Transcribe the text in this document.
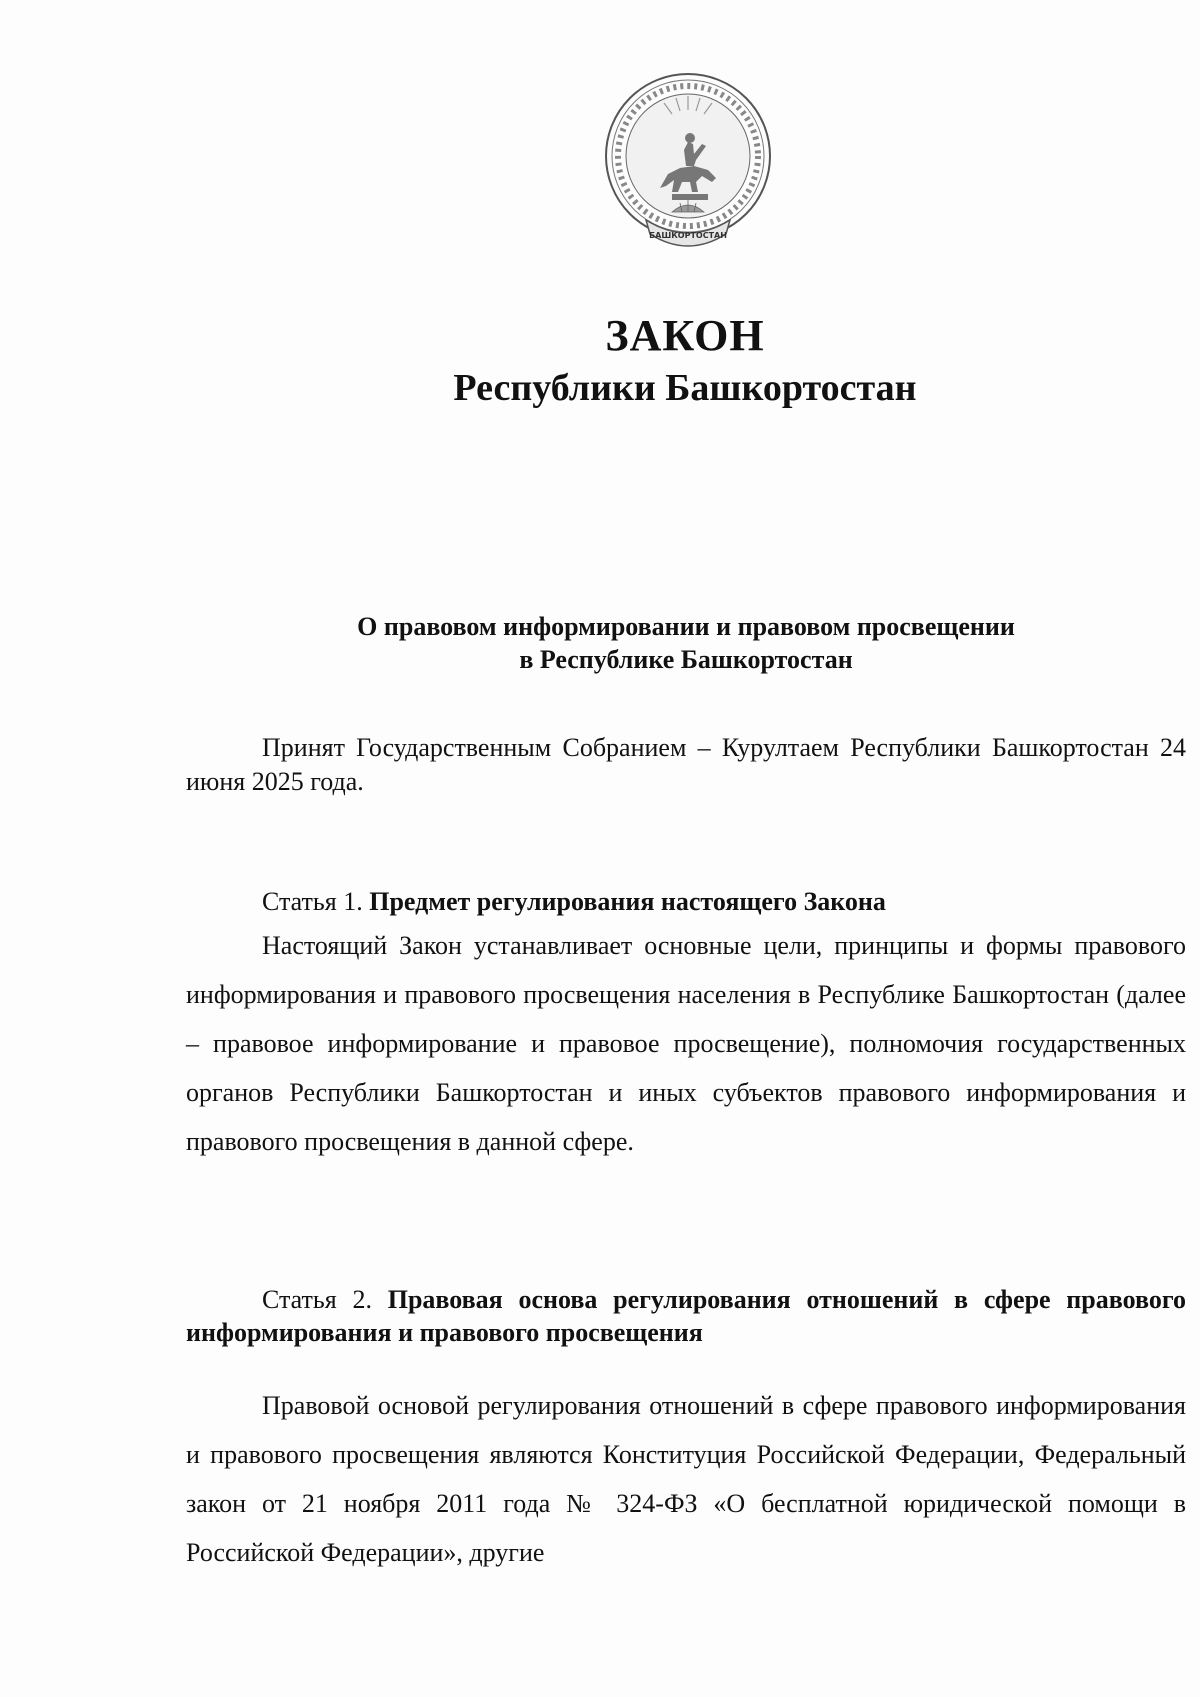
БАШКОРТОСТАН
ЗАКОН
Республики Башкортостан
О правовом информировании и правовом просвещении
в Республике Башкортостан

Принят Государственным Собранием – Курултаем Республики Башкортостан 24 июня 2025 года.

Статья 1. Предмет регулирования настоящего Закона

Настоящий Закон устанавливает основные цели, принципы и формы правового информирования и правового просвещения населения в Республике Башкортостан (далее – правовое информирование и правовое просвещение), полномочия государственных органов Республики Башкортостан и иных субъектов правового информирования и правового просвещения в данной сфере.

Статья 2. Правовая основа регулирования отношений в сфере правового информирования и правового просвещения

Правовой основой регулирования отношений в сфере правового информирования и правового просвещения являются Конституция Российской Федерации, Федеральный закон от 21 ноября 2011 года № 324-ФЗ «О бесплатной юридической помощи в Российской Федерации», другие
